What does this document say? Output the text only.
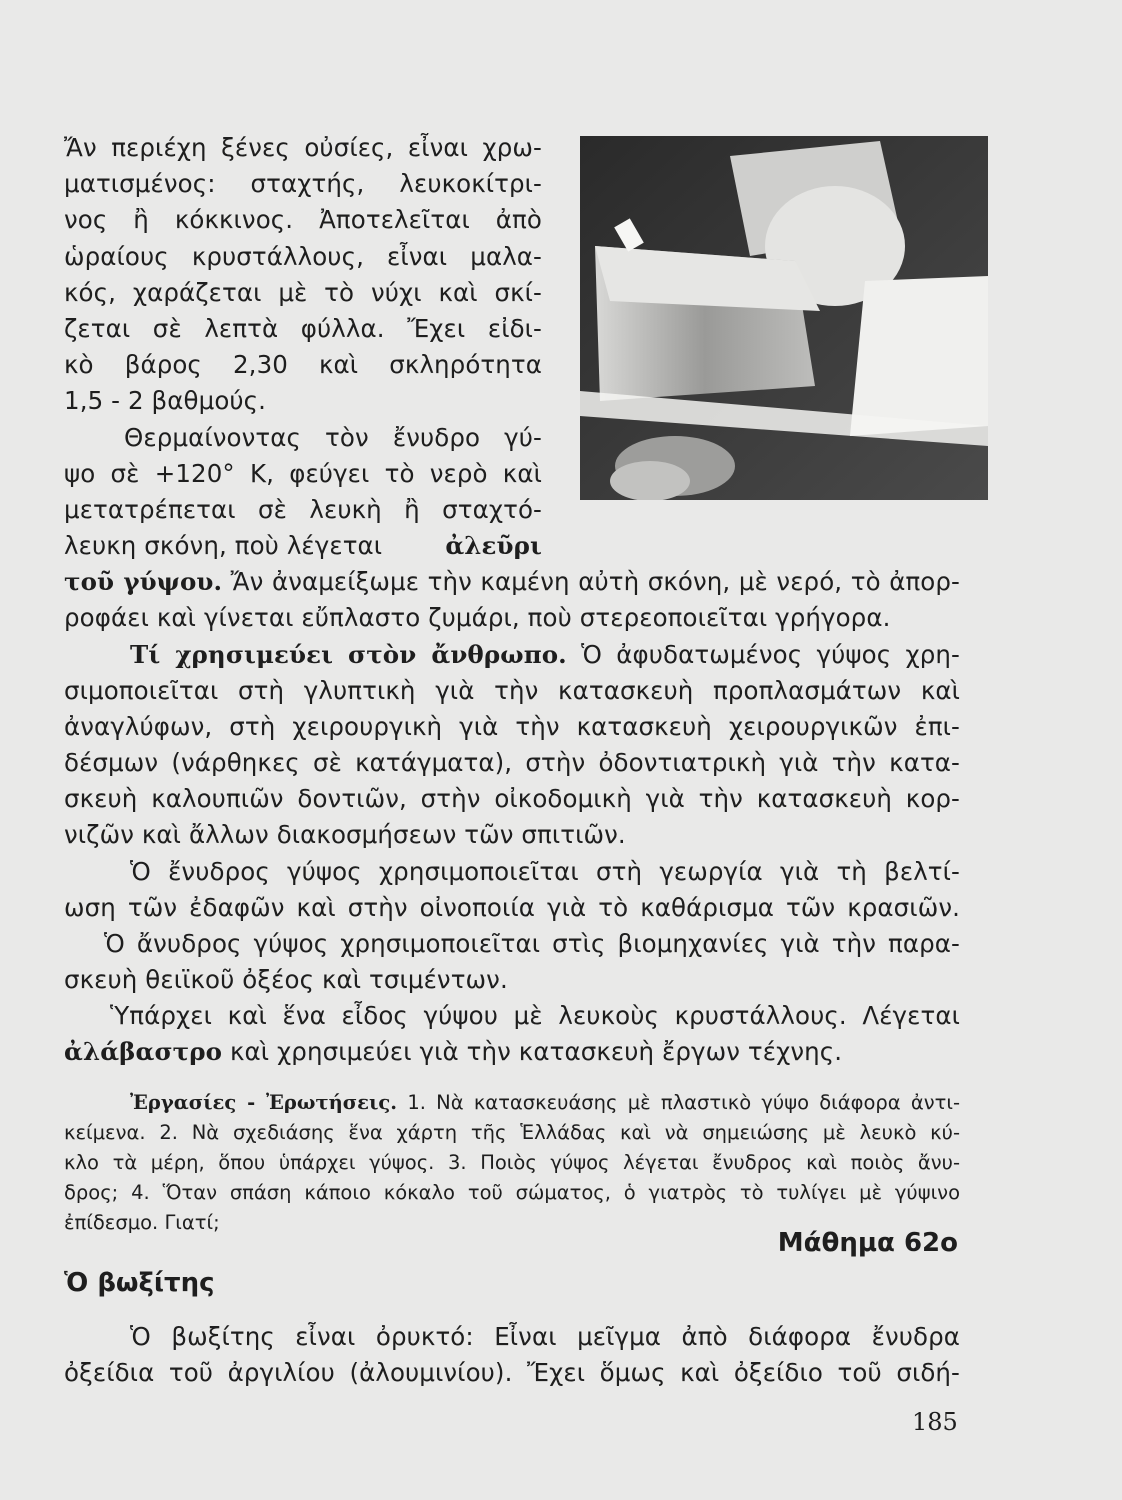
Ἄν περιέχη ξένες οὐσίες, εἶναι χρω-
ματισμένος: σταχτής, λευκοκίτρι-
νος ἢ κόκκινος. Ἀποτελεῖται ἀπὸ
ὡραίους κρυστάλλους, εἶναι μαλα-
κός, χαράζεται μὲ τὸ νύχι καὶ σκί-
ζεται σὲ λεπτὰ φύλλα. Ἔχει εἰδι-
κὸ βάρος 2,30 καὶ σκληρότητα
1,5 - 2 βαθμούς.
Θερμαίνοντας τὸν ἔνυδρο γύ-
ψο σὲ +120° Κ, φεύγει τὸ νερὸ καὶ
μετατρέπεται σὲ λευκὴ ἢ σταχτό-
λευκη σκόνη, ποὺ λέγεται	ἀλεῦρι
τοῦ γύψου. Ἄν ἀναμείξωμε τὴν καμένη αὐτὴ σκόνη, μὲ νερό, τὸ ἀπορ-
ροφάει καὶ γίνεται εὔπλαστο ζυμάρι, ποὺ στερεοποιεῖται γρήγορα.
Τί χρησιμεύει στὸν ἄνθρωπο. Ὁ ἀφυδατωμένος γύψος χρη-
σιμοποιεῖται στὴ γλυπτικὴ γιὰ τὴν κατασκευὴ προπλασμάτων καὶ
ἀναγλύφων, στὴ χειρουργικὴ γιὰ τὴν κατασκευὴ χειρουργικῶν ἐπι-
δέσμων (νάρθηκες σὲ κατάγματα), στὴν ὀδοντιατρικὴ γιὰ τὴν κατα-
σκευὴ καλουπιῶν δοντιῶν, στὴν οἰκοδομικὴ γιὰ τὴν κατασκευὴ κορ-
νιζῶν καὶ ἄλλων διακοσμήσεων τῶν σπιτιῶν.
Ὁ ἔνυδρος γύψος χρησιμοποιεῖται στὴ γεωργία γιὰ τὴ βελτί-
ωση τῶν ἐδαφῶν καὶ στὴν οἰνοποιία γιὰ τὸ καθάρισμα τῶν κρασιῶν.
Ὁ ἄνυδρος γύψος χρησιμοποιεῖται στὶς βιομηχανίες γιὰ τὴν παρα-
σκευὴ θειϊκοῦ ὀξέος καὶ τσιμέντων.
Ὑπάρχει καὶ ἕνα εἶδος γύψου μὲ λευκοὺς κρυστάλλους. Λέγεται
ἀλάβαστρο καὶ χρησιμεύει γιὰ τὴν κατασκευὴ ἔργων τέχνης.
Ἐργασίες - Ἐρωτήσεις. 1. Νὰ κατασκευάσης μὲ πλαστικὸ γύψο διάφορα ἀντι-
κείμενα. 2. Νὰ σχεδιάσης ἕνα χάρτη τῆς Ἑλλάδας καὶ νὰ σημειώσης μὲ λευκὸ κύ-
κλο τὰ μέρη, ὅπου ὑπάρχει γύψος. 3. Ποιὸς γύψος λέγεται ἔνυδρος καὶ ποιὸς ἄνυ-
δρος; 4. Ὅταν σπάση κάποιο κόκαλο τοῦ σώματος, ὁ γιατρὸς τὸ τυλίγει μὲ γύψινο
ἐπίδεσμο. Γιατί;
Μάθημα 62ο
Ὁ βωξίτης
Ὁ βωξίτης εἶναι ὀρυκτό: Εἶναι μεῖγμα ἀπὸ διάφορα ἔνυδρα
ὀξείδια τοῦ ἀργιλίου (ἀλουμινίου). Ἔχει ὅμως καὶ ὀξείδιο τοῦ σιδή-
185
